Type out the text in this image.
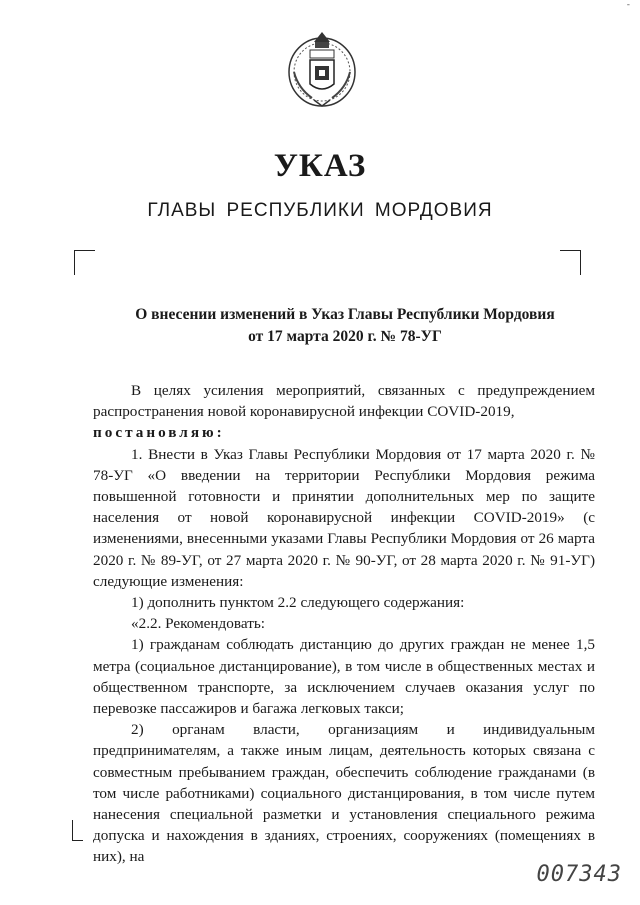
-
УКАЗ
ГЛАВЫ РЕСПУБЛИКИ МОРДОВИЯ
О внесении изменений в Указ Главы Республики Мордовия
от 17 марта 2020 г. № 78-УГ

В целях усиления мероприятий, связанных с предупреждением распространения новой коронавирусной инфекции COVID-2019,

постановляю:

1. Внести в Указ Главы Республики Мордовия от 17 марта 2020 г. № 78-УГ «О введении на территории Республики Мордовия режима повышенной готовности и принятии дополнительных мер по защите населения от новой коронавирусной инфекции COVID-2019» (с изменениями, внесенными указами Главы Республики Мордовия от 26 марта 2020 г. № 89-УГ, от 27 марта 2020 г. № 90-УГ, от 28 марта 2020 г. № 91-УГ) следующие изменения:

1) дополнить пунктом 2.2 следующего содержания:

«2.2. Рекомендовать:

1) гражданам соблюдать дистанцию до других граждан не менее 1,5 метра (социальное дистанцирование), в том числе в общественных местах и общественном транспорте, за исключением случаев оказания услуг по перевозке пассажиров и багажа легковых такси;

2) органам власти, организациям и индивидуальным предпринимателям, а также иным лицам, деятельность которых связана с совместным пребыванием граждан, обеспечить соблюдение гражданами (в том числе работниками) социального дистанцирования, в том числе путем нанесения специальной разметки и установления специального режима допуска и нахождения в зданиях, строениях, сооружениях (помещениях в них), на

007343
